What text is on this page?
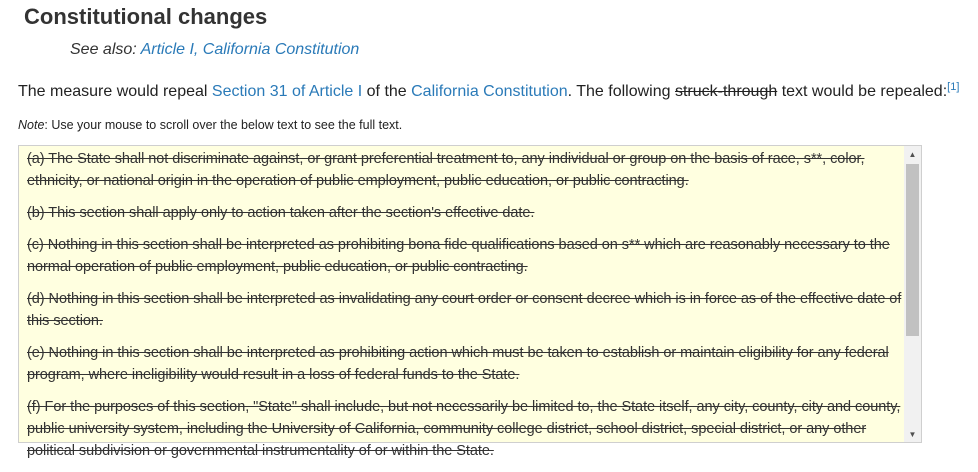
Constitutional changes
See also: Article I, California Constitution
The measure would repeal Section 31 of Article I of the California Constitution. The following struck-through text would be repealed:[1]
Note: Use your mouse to scroll over the below text to see the full text.

(a) The State shall not discriminate against, or grant preferential treatment to, any individual or group on the basis of race, s**, color, ethnicity, or national origin in the operation of public employment, public education, or public contracting.

(b) This section shall apply only to action taken after the section's effective date.

(c) Nothing in this section shall be interpreted as prohibiting bona fide qualifications based on s** which are reasonably necessary to the normal operation of public employment, public education, or public contracting.

(d) Nothing in this section shall be interpreted as invalidating any court order or consent decree which is in force as of the effective date of this section.

(e) Nothing in this section shall be interpreted as prohibiting action which must be taken to establish or maintain eligibility for any federal program, where ineligibility would result in a loss of federal funds to the State.

(f) For the purposes of this section, "State" shall include, but not necessarily be limited to, the State itself, any city, county, city and county, public university system, including the University of California, community college district, school district, special district, or any other political subdivision or governmental instrumentality of or within the State.

▲
▼
